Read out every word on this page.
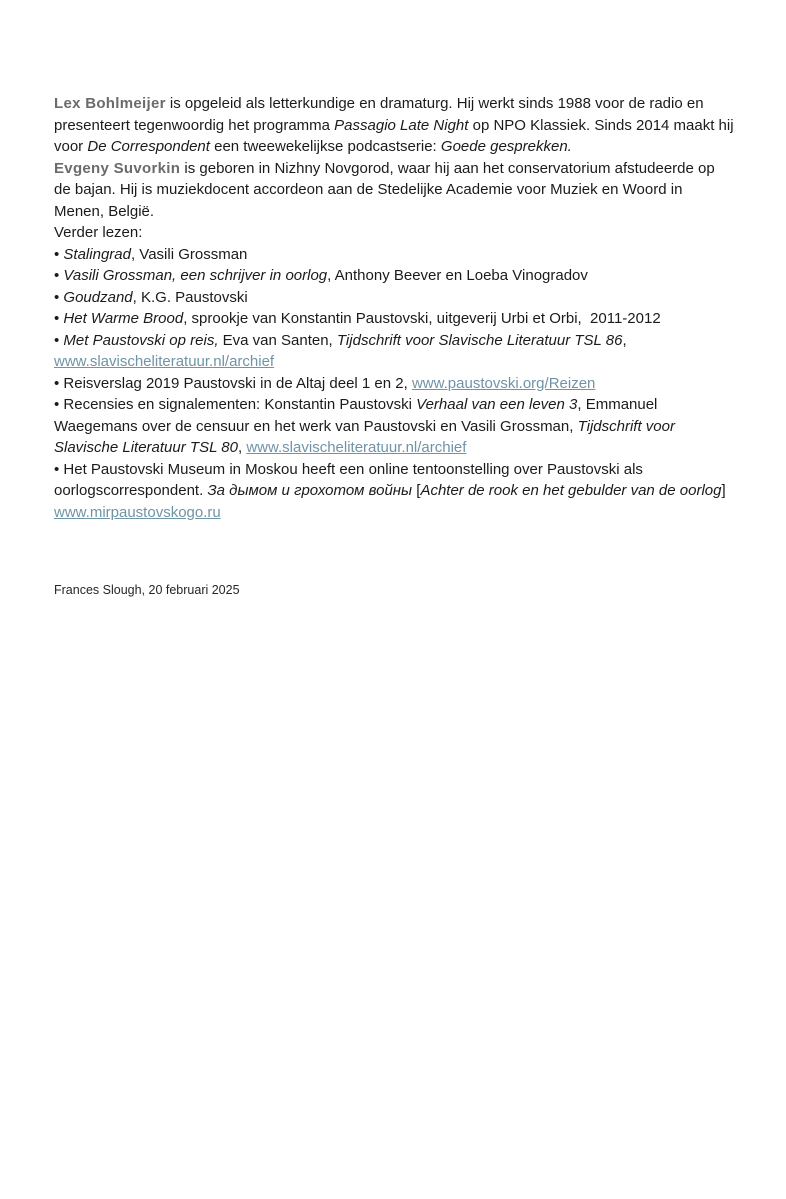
Lex Bohlmeijer is opgeleid als letterkundige en dramaturg. Hij werkt sinds 1988 voor de radio en presenteert tegenwoordig het programma Passagio Late Night op NPO Klassiek. Sinds 2014 maakt hij voor De Correspondent een tweewekelijkse podcastserie: Goede gesprekken.

Evgeny Suvorkin is geboren in Nizhny Novgorod, waar hij aan het conservatorium afstudeerde op de bajan. Hij is muziekdocent accordeon aan de Stedelijke Academie voor Muziek en Woord in Menen, België.

Verder lezen:

• Stalingrad, Vasili Grossman

• Vasili Grossman, een schrijver in oorlog, Anthony Beever en Loeba Vinogradov

• Goudzand, K.G. Paustovski

• Het Warme Brood, sprookje van Konstantin Paustovski, uitgeverij Urbi et Orbi,  2011-2012

• Met Paustovski op reis, Eva van Santen, Tijdschrift voor Slavische Literatuur TSL 86, www.slavischeliteratuur.nl/archief

• Reisverslag 2019 Paustovski in de Altaj deel 1 en 2, www.paustovski.org/Reizen

• Recensies en signalementen: Konstantin Paustovski Verhaal van een leven 3, Emmanuel Waegemans over de censuur en het werk van Paustovski en Vasili Grossman, Tijdschrift voor Slavische Literatuur TSL 80, www.slavischeliteratuur.nl/archief

• Het Paustovski Museum in Moskou heeft een online tentoonstelling over Paustovski als oorlogscorrespondent. За дымом и грохотом войны [Achter de rook en het gebulder van de oorlog] www.mirpaustovskogo.ru

Frances Slough, 20 februari 2025
